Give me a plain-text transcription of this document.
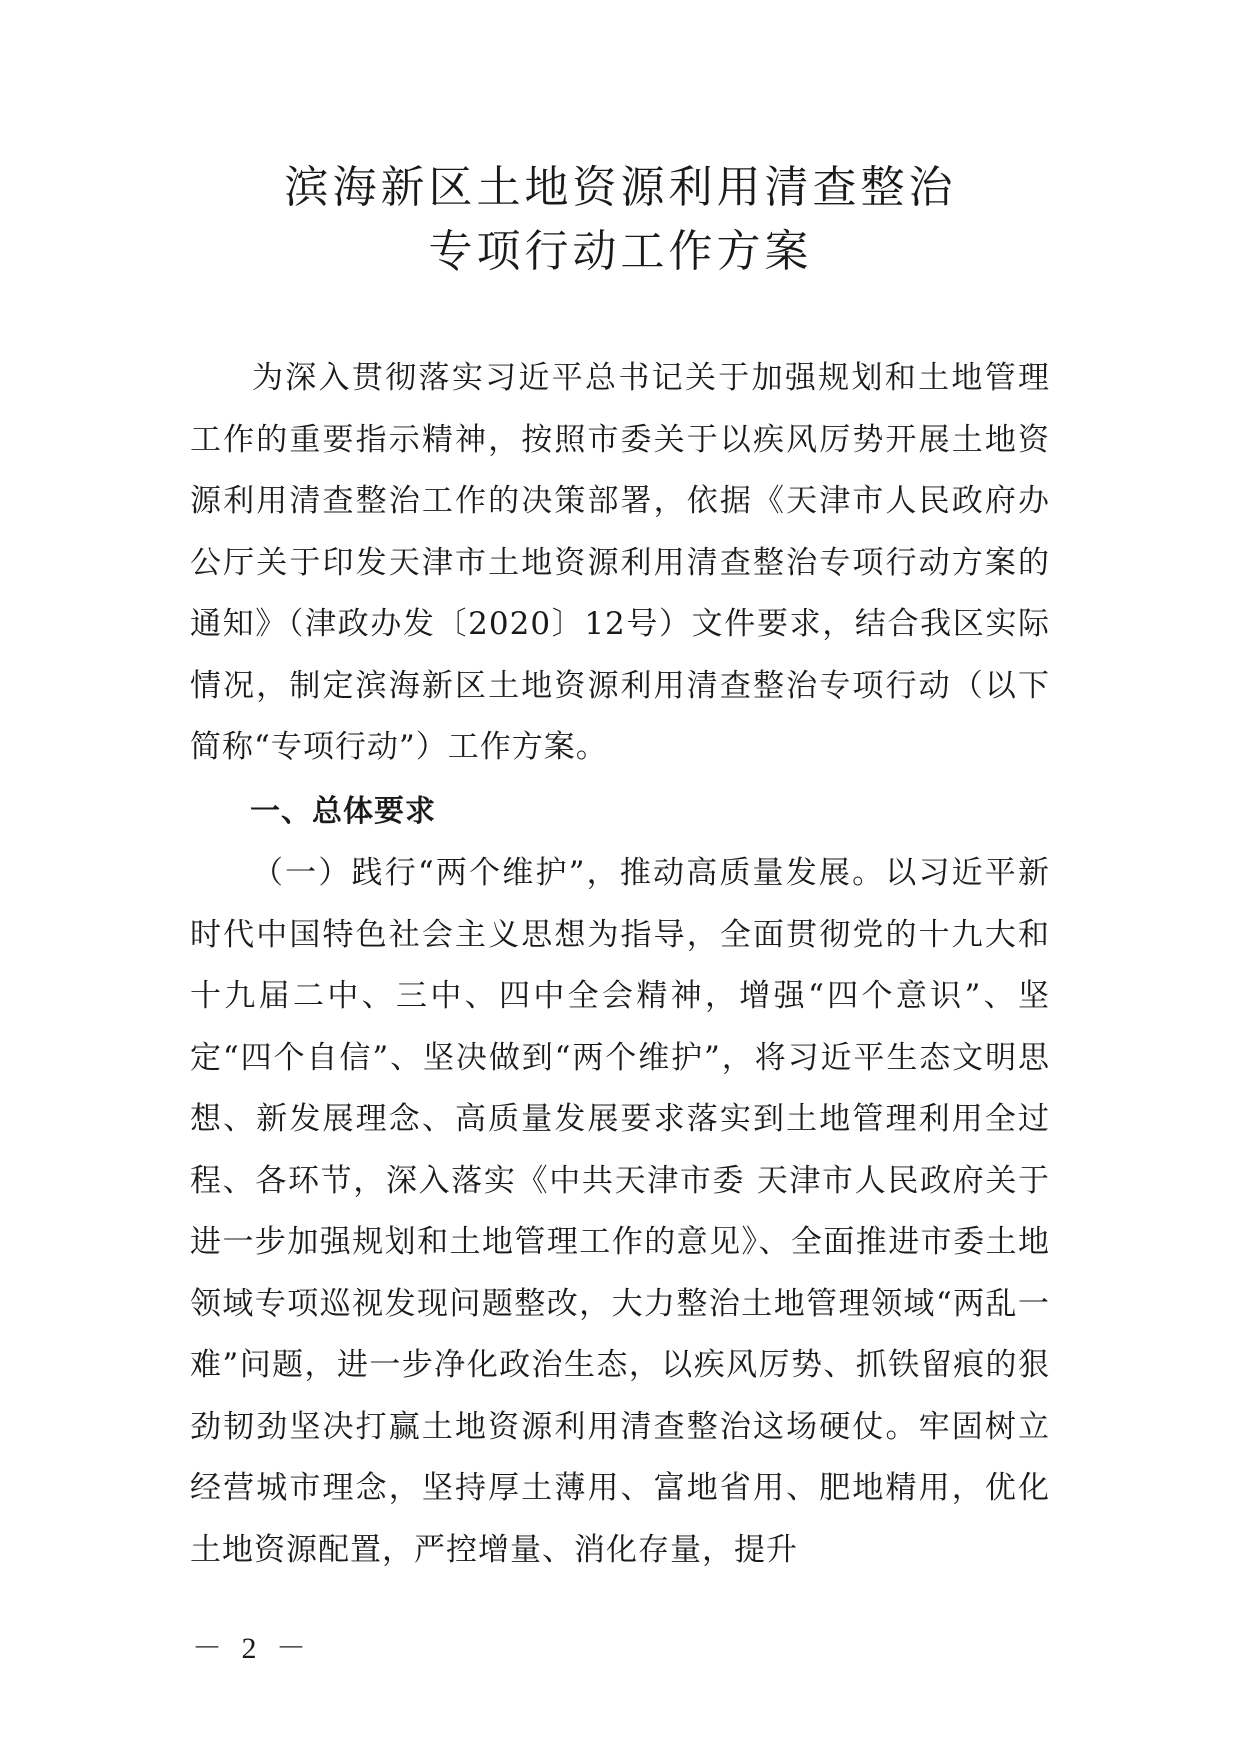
滨海新区土地资源利用清查整治
专项行动工作方案

为深入贯彻落实习近平总书记关于加强规划和土地管理工作的重要指示精神，按照市委关于以疾风厉势开展土地资源利用清查整治工作的决策部署，依据《天津市人民政府办公厅关于印发天津市土地资源利用清查整治专项行动方案的通知》（津政办发〔2020〕12号）文件要求，结合我区实际情况，制定滨海新区土地资源利用清查整治专项行动（以下简称“专项行动”）工作方案。

一、总体要求

（一）践行“两个维护”，推动高质量发展。以习近平新时代中国特色社会主义思想为指导，全面贯彻党的十九大和十九届二中、三中、四中全会精神，增强“四个意识”、坚定“四个自信”、坚决做到“两个维护”，将习近平生态文明思想、新发展理念、高质量发展要求落实到土地管理利用全过程、各环节，深入落实《中共天津市委 天津市人民政府关于进一步加强规划和土地管理工作的意见》、全面推进市委土地领域专项巡视发现问题整改，大力整治土地管理领域“两乱一难”问题，进一步净化政治生态，以疾风厉势、抓铁留痕的狠劲韧劲坚决打赢土地资源利用清查整治这场硬仗。牢固树立经营城市理念，坚持厚土薄用、富地省用、肥地精用，优化土地资源配置，严控增量、消化存量，提升

－ 2 －
